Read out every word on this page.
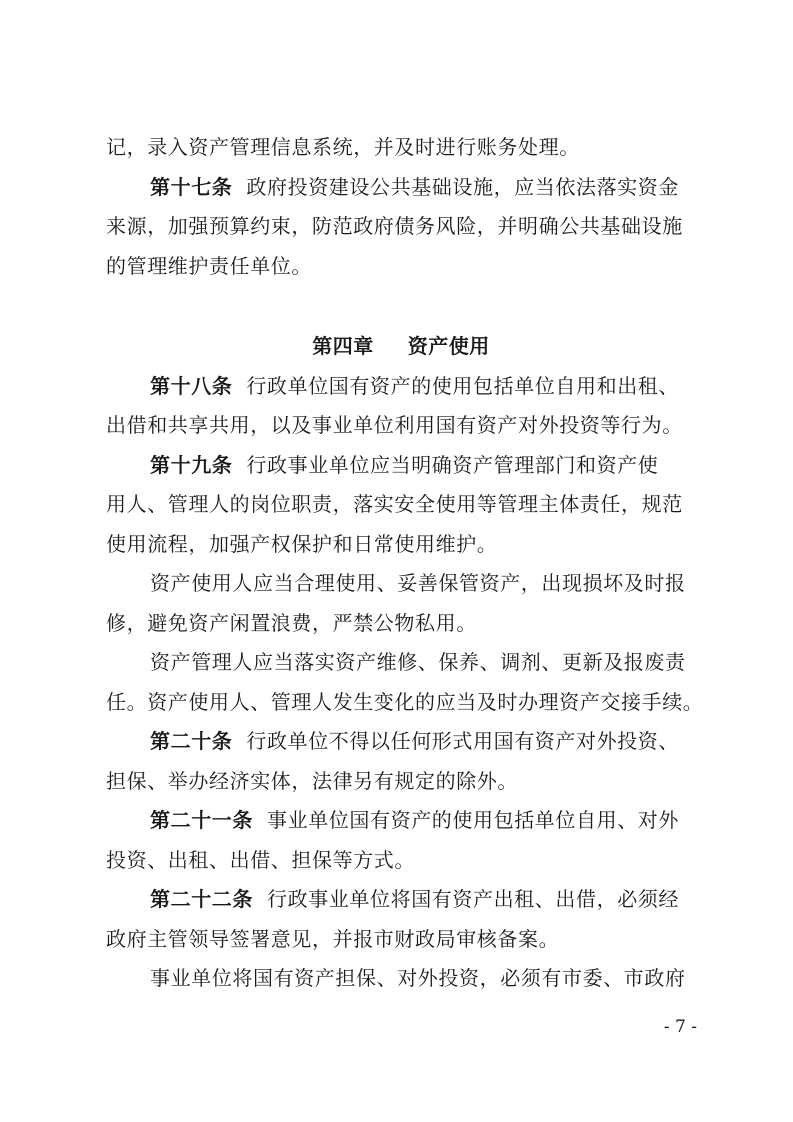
记，录入资产管理信息系统，并及时进行账务处理。
第十七条 政府投资建设公共基础设施，应当依法落实资金
来源，加强预算约束，防范政府债务风险，并明确公共基础设施
的管理维护责任单位。
第四章 资产使用
第十八条 行政单位国有资产的使用包括单位自用和出租、
出借和共享共用，以及事业单位利用国有资产对外投资等行为。
第十九条 行政事业单位应当明确资产管理部门和资产使
用人、管理人的岗位职责，落实安全使用等管理主体责任，规范
使用流程，加强产权保护和日常使用维护。
资产使用人应当合理使用、妥善保管资产，出现损坏及时报
修，避免资产闲置浪费，严禁公物私用。
资产管理人应当落实资产维修、保养、调剂、更新及报废责
任。资产使用人、管理人发生变化的应当及时办理资产交接手续。
第二十条 行政单位不得以任何形式用国有资产对外投资、
担保、举办经济实体，法律另有规定的除外。
第二十一条 事业单位国有资产的使用包括单位自用、对外
投资、出租、出借、担保等方式。
第二十二条 行政事业单位将国有资产出租、出借，必须经
政府主管领导签署意见，并报市财政局审核备案。
事业单位将国有资产担保、对外投资，必须有市委、市政府
- 7 -
